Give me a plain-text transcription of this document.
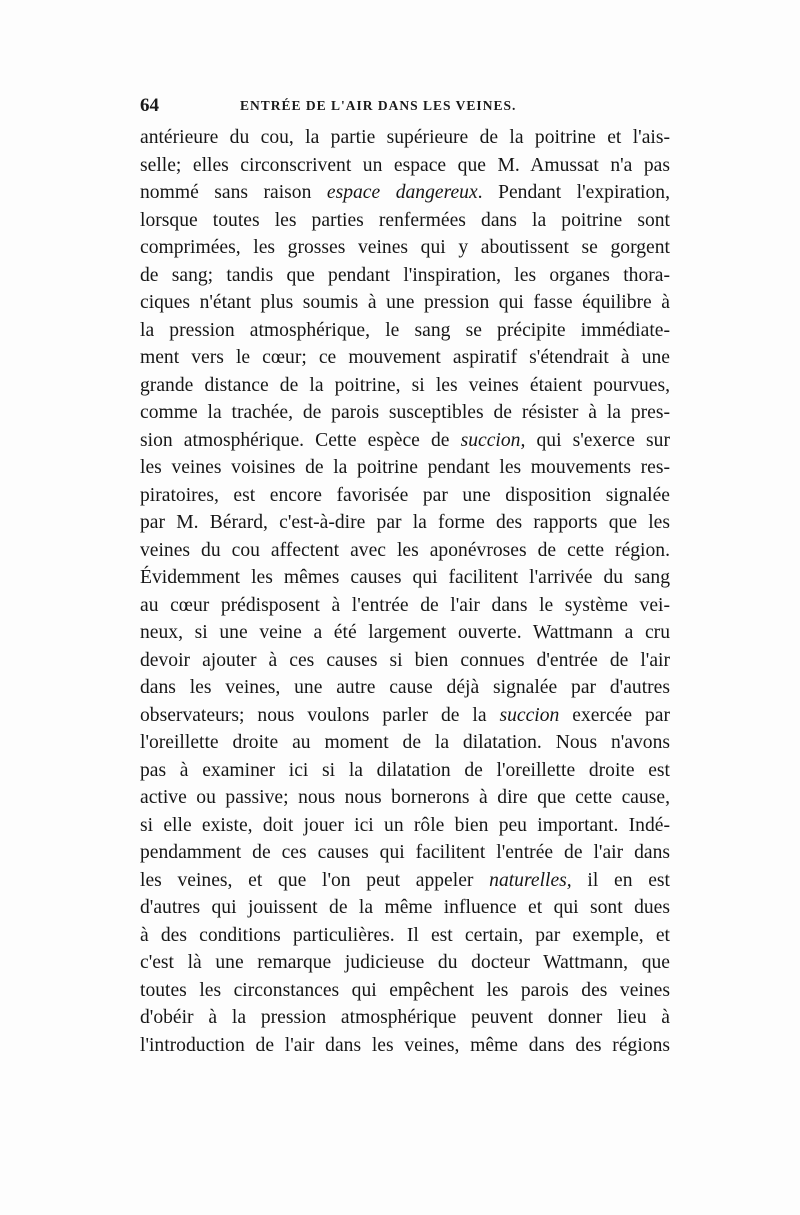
64	ENTRÉE DE L'AIR DANS LES VEINES.
antérieure du cou, la partie supérieure de la poitrine et l'ais-
selle; elles circonscrivent un espace que M. Amussat n'a pas
nommé sans raison espace dangereux. Pendant l'expiration,
lorsque toutes les parties renfermées dans la poitrine sont
comprimées, les grosses veines qui y aboutissent se gorgent
de sang; tandis que pendant l'inspiration, les organes thora-
ciques n'étant plus soumis à une pression qui fasse équilibre à
la pression atmosphérique, le sang se précipite immédiate-
ment vers le cœur; ce mouvement aspiratif s'étendrait à une
grande distance de la poitrine, si les veines étaient pourvues,
comme la trachée, de parois susceptibles de résister à la pres-
sion atmosphérique. Cette espèce de succion, qui s'exerce sur
les veines voisines de la poitrine pendant les mouvements res-
piratoires, est encore favorisée par une disposition signalée
par M. Bérard, c'est-à-dire par la forme des rapports que les
veines du cou affectent avec les aponévroses de cette région.
Évidemment les mêmes causes qui facilitent l'arrivée du sang
au cœur prédisposent à l'entrée de l'air dans le système vei-
neux, si une veine a été largement ouverte. Wattmann a cru
devoir ajouter à ces causes si bien connues d'entrée de l'air
dans les veines, une autre cause déjà signalée par d'autres
observateurs; nous voulons parler de la succion exercée par
l'oreillette droite au moment de la dilatation. Nous n'avons
pas à examiner ici si la dilatation de l'oreillette droite est
active ou passive; nous nous bornerons à dire que cette cause,
si elle existe, doit jouer ici un rôle bien peu important. Indé-
pendamment de ces causes qui facilitent l'entrée de l'air dans
les veines, et que l'on peut appeler naturelles, il en est
d'autres qui jouissent de la même influence et qui sont dues
à des conditions particulières. Il est certain, par exemple, et
c'est là une remarque judicieuse du docteur Wattmann, que
toutes les circonstances qui empêchent les parois des veines
d'obéir à la pression atmosphérique peuvent donner lieu à
l'introduction de l'air dans les veines, même dans des régions
